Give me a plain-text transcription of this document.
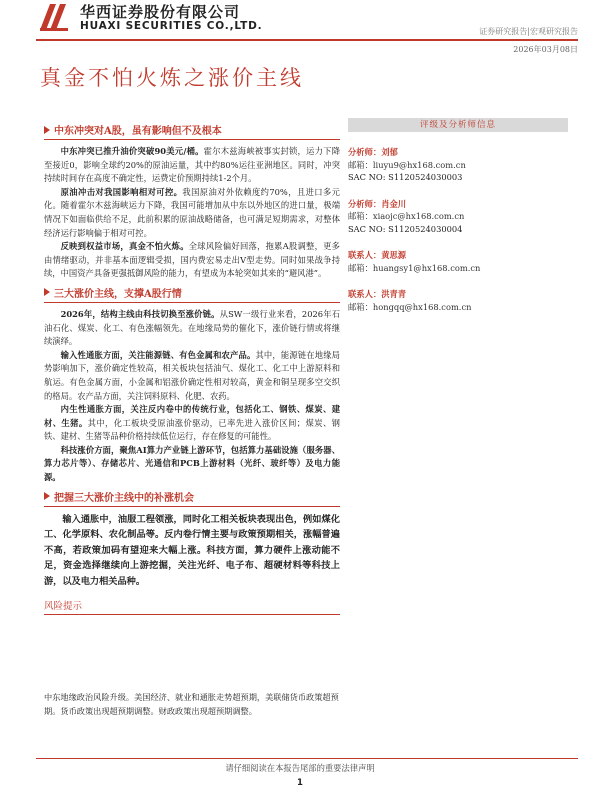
华西证券股份有限公司
HUAXI SECURITIES CO.,LTD.	证券研究报告|宏观研究报告
2026年03月08日
真金不怕火炼之涨价主线
中东冲突对A股，虽有影响但不及根本

中东冲突已推升油价突破90美元/桶。霍尔木兹海峡被事实封锁，运力下降至接近0，影响全球约20%的原油运量，其中约80%运往亚洲地区。同时，冲突持续时间存在高度不确定性，运费定价预期持续1-2个月。

原油冲击对我国影响相对可控。我国原油对外依赖度约70%，且进口多元化。随着霍尔木兹海峡运力下降，我国可能增加从中东以外地区的进口量，极端情况下如面临供给不足，此前积累的原油战略储备，也可满足短期需求，对整体经济运行影响偏于相对可控。

反映到权益市场，真金不怕火炼。全球风险偏好回落，拖累A股调整，更多由情绪驱动，并非基本面逻辑受损，国内费宏易走出V型走势。同时如果战争持续，中国资产具备更强抵御风险的能力，有望成为本轮突如其来的“避风港”。

三大涨价主线，支撑A股行情

2026年，结构主线由科技切换至涨价链。从SW一级行业来看，2026年石油石化、煤炭、化工、有色涨幅领先。在地缘局势的催化下，涨价链行情或将继续演绎。

输入性通胀方面，关注能源链、有色金属和农产品。其中，能源链在地缘局势影响加下，涨价确定性较高，相关板块包括油气、煤化工、化工中上游原料和航运。有色金属方面，小金属和铝涨价确定性相对较高，黄金和铜呈现多空交织的格局。农产品方面，关注饲料原料、化肥、农药。

内生性通胀方面，关注反内卷中的传统行业，包括化工、钢铁、煤炭、建材、生猪。其中，化工板块受原油涨价驱动，已率先进入涨价区间；煤炭、钢铁、建材、生猪等品种价格持续低位运行，存在修复的可能性。

科技涨价方面，聚焦AI算力产业链上游环节，包括算力基础设施（服务器、算力芯片等）、存储芯片、光通信和PCB上游材料（光纤、玻纤等）及电力能源。

把握三大涨价主线中的补涨机会

输入通胀中，油服工程领涨，同时化工相关板块表现出色，例如煤化工、化学原料、农化制品等。反内卷行情主要与政策预期相关，涨幅普遍不高，若政策加码有望迎来大幅上涨。科技方面，算力硬件上涨动能不足，资金选择继续向上游挖掘，关注光纤、电子布、超硬材料等科技上游，以及电力相关品种。

风险提示

中东地缘政治风险升级。美国经济、就业和通胀走势超预期，美联储货币政策超预期。货币政策出现超预期调整。财政政策出现超预期调整。

评级及分析师信息
分析师：刘郁
邮箱：liuyu9@hx168.com.cn
SAC NO: S1120524030003
分析师：肖金川
邮箱：xiaojc@hx168.com.cn
SAC NO: S1120524030004
联系人：黄思源
邮箱：huangsy1@hx168.com.cn
联系人：洪青青
邮箱：hongqq@hx168.com.cn
请仔细阅读在本报告尾部的重要法律声明
1
